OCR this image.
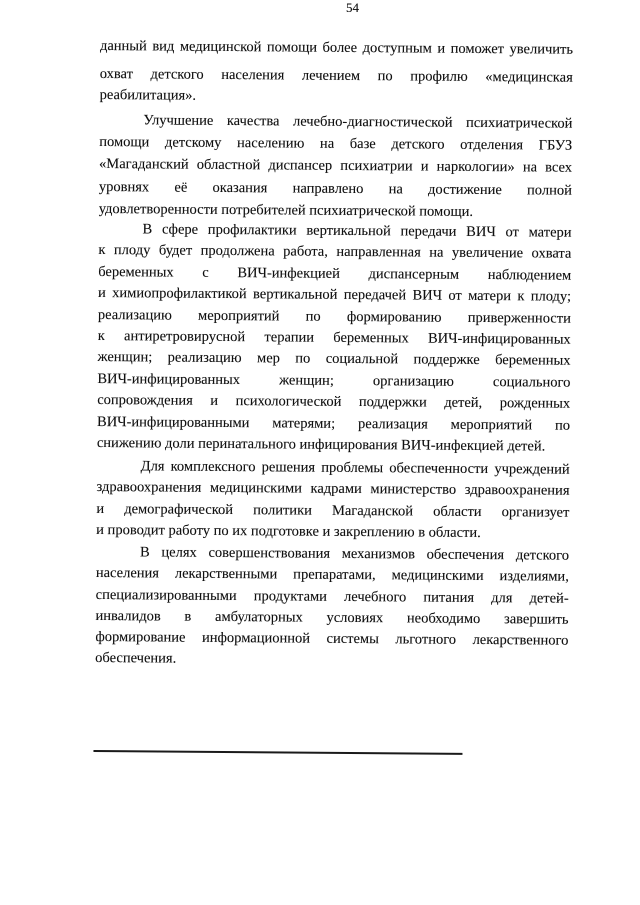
54
данный вид медицинской помощи более доступным и поможет увеличить
охват детского населения лечением по профилю «медицинская
реабилитация».
Улучшение качества лечебно-диагностической психиатрической
помощи детскому населению на базе детского отделения ГБУЗ
«Магаданский областной диспансер психиатрии и наркологии» на всех
уровнях её оказания направлено на достижение полной
удовлетворенности потребителей психиатрической помощи.
В сфере профилактики вертикальной передачи ВИЧ от матери
к плоду будет продолжена работа, направленная на увеличение охвата
беременных с ВИЧ-инфекцией диспансерным наблюдением
и химиопрофилактикой вертикальной передачей ВИЧ от матери к плоду;
реализацию мероприятий по формированию приверженности
к антиретровирусной терапии беременных ВИЧ-инфицированных
женщин; реализацию мер по социальной поддержке беременных
ВИЧ-инфицированных женщин; организацию социального
сопровождения и психологической поддержки детей, рожденных
ВИЧ-инфицированными матерями; реализация мероприятий по
снижению доли перинатального инфицирования ВИЧ-инфекцией детей.
Для комплексного решения проблемы обеспеченности учреждений
здравоохранения медицинскими кадрами министерство здравоохранения
и демографической политики Магаданской области организует
и проводит работу по их подготовке и закреплению в области.
В целях совершенствования механизмов обеспечения детского
населения лекарственными препаратами, медицинскими изделиями,
специализированными продуктами лечебного питания для детей-
инвалидов в амбулаторных условиях необходимо завершить
формирование информационной системы льготного лекарственного
обеспечения.
